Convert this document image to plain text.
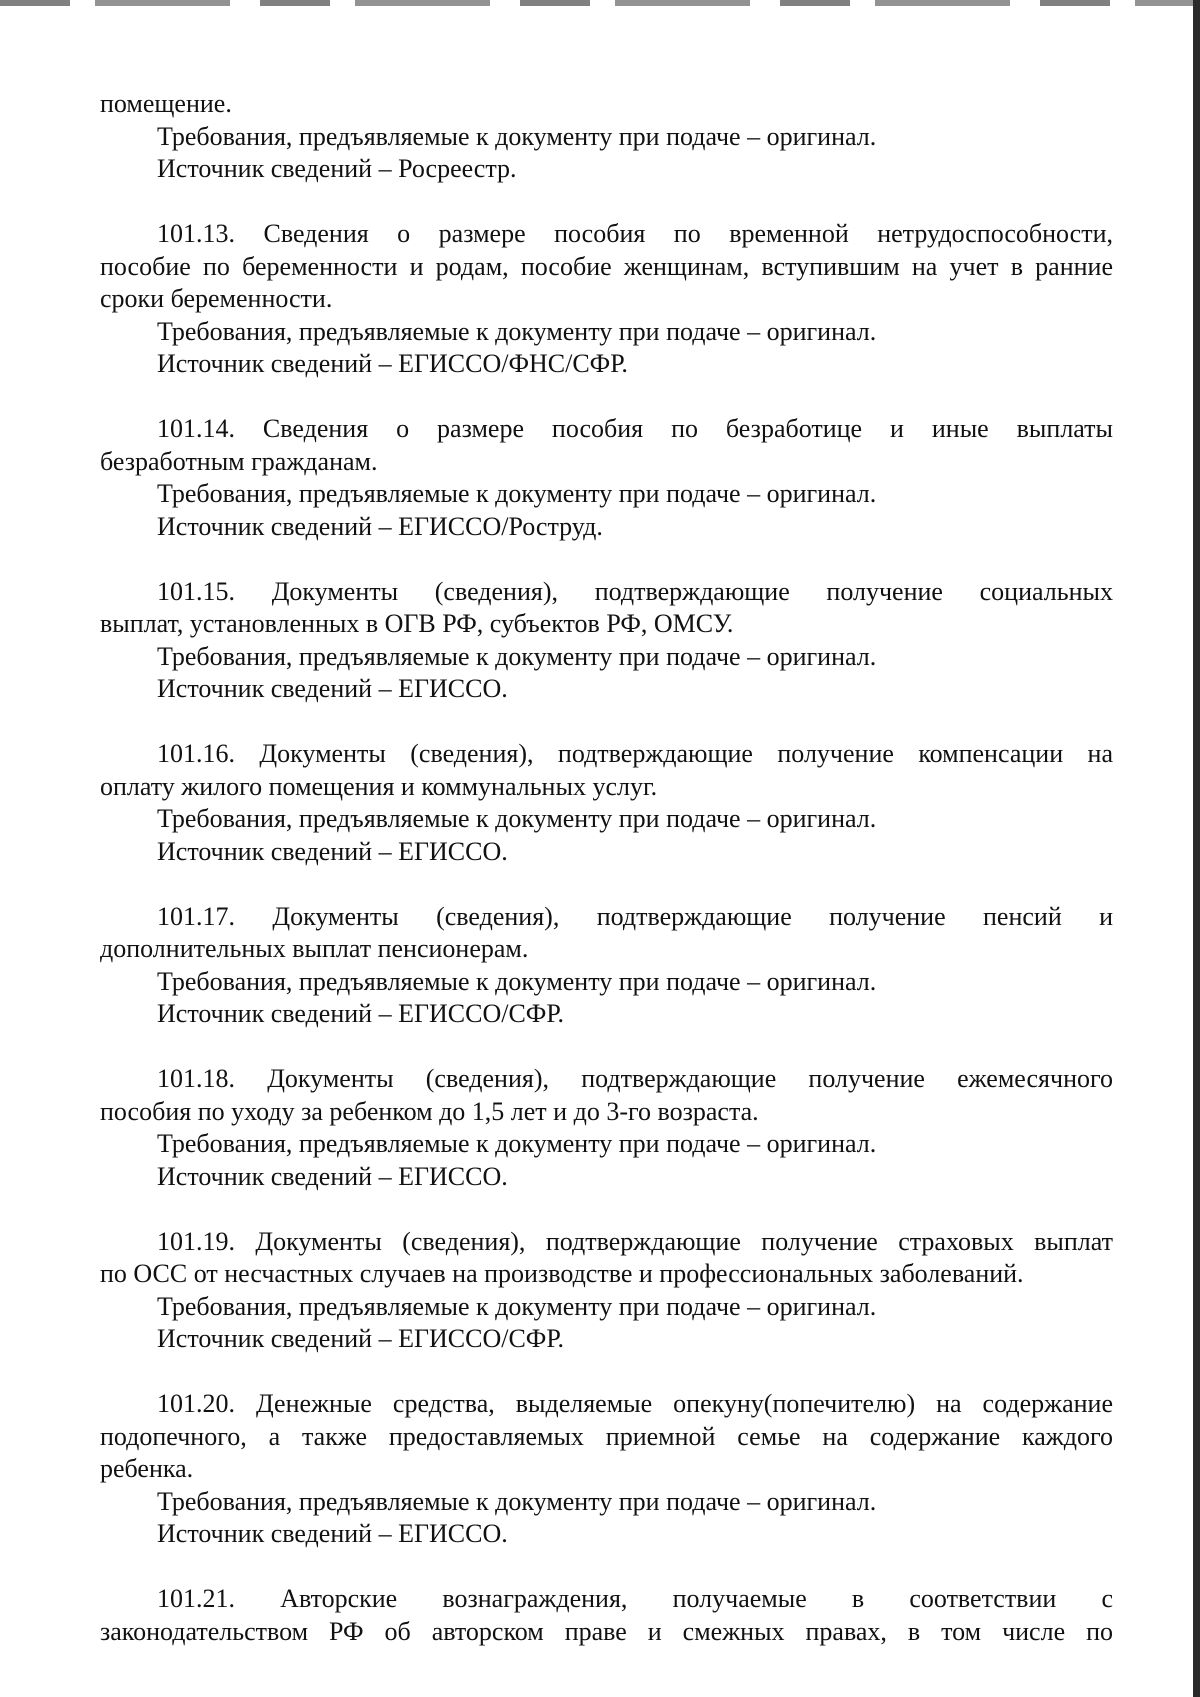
помещение.

Требования, предъявляемые к документу при подаче – оригинал.

Источник сведений – Росреестр.

101.13. Сведения о размере пособия по временной нетрудоспособности,

пособие по беременности и родам, пособие женщинам, вступившим на учет в ранние

сроки беременности.

Требования, предъявляемые к документу при подаче – оригинал.

Источник сведений – ЕГИССО/ФНС/СФР.

101.14. Сведения о размере пособия по безработице и иные выплаты

безработным гражданам.

Требования, предъявляемые к документу при подаче – оригинал.

Источник сведений – ЕГИССО/Роструд.

101.15. Документы (сведения), подтверждающие получение социальных

выплат, установленных в ОГВ РФ, субъектов РФ, ОМСУ.

Требования, предъявляемые к документу при подаче – оригинал.

Источник сведений – ЕГИССО.

101.16. Документы (сведения), подтверждающие получение компенсации на

оплату жилого помещения и коммунальных услуг.

Требования, предъявляемые к документу при подаче – оригинал.

Источник сведений – ЕГИССО.

101.17. Документы (сведения), подтверждающие получение пенсий и

дополнительных выплат пенсионерам.

Требования, предъявляемые к документу при подаче – оригинал.

Источник сведений – ЕГИССО/СФР.

101.18. Документы (сведения), подтверждающие получение ежемесячного

пособия по уходу за ребенком до 1,5 лет и до 3-го возраста.

Требования, предъявляемые к документу при подаче – оригинал.

Источник сведений – ЕГИССО.

101.19. Документы (сведения), подтверждающие получение страховых выплат

по ОСС от несчастных случаев на производстве и профессиональных заболеваний.

Требования, предъявляемые к документу при подаче – оригинал.

Источник сведений – ЕГИССО/СФР.

101.20. Денежные средства, выделяемые опекуну(попечителю) на содержание

подопечного, а также предоставляемых приемной семье на содержание каждого

ребенка.

Требования, предъявляемые к документу при подаче – оригинал.

Источник сведений – ЕГИССО.

101.21. Авторские вознаграждения, получаемые в соответствии с

законодательством РФ об авторском праве и смежных правах, в том числе по
